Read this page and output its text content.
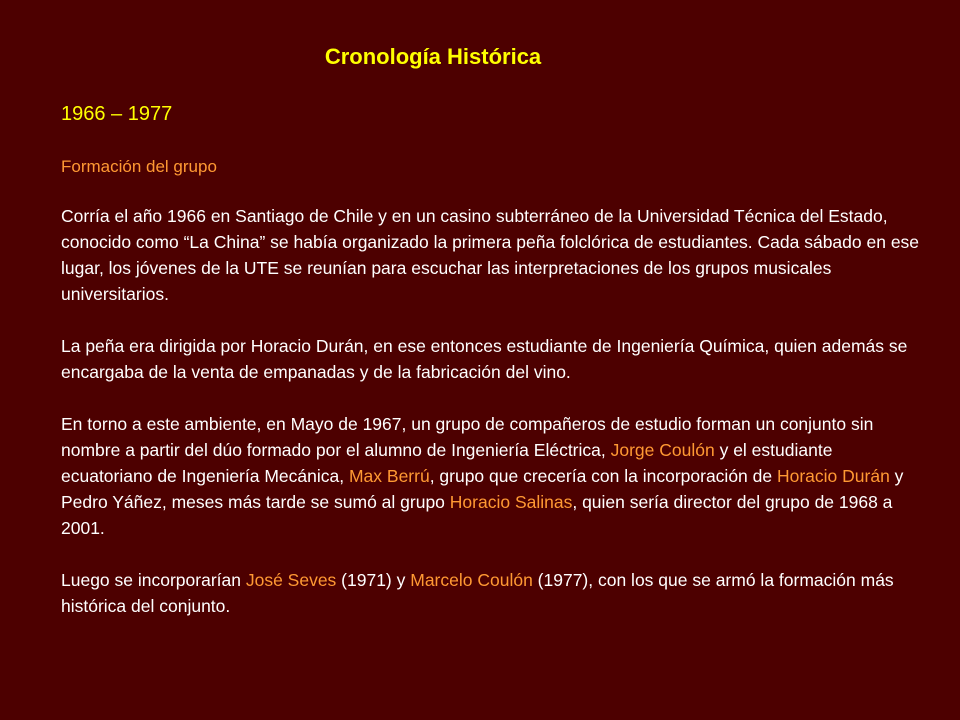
Cronología Histórica
1966 – 1977
Formación del grupo

Corría el año 1966 en Santiago de Chile y en un casino subterráneo de la Universidad Técnica del Estado, conocido como “La China” se había organizado la primera peña folclórica de estudiantes. Cada sábado en ese lugar, los jóvenes de la UTE se reunían para escuchar las interpretaciones de los grupos musicales universitarios.

La peña era dirigida por Horacio Durán, en ese entonces estudiante de Ingeniería Química, quien además se encargaba de la venta de empanadas y de la fabricación del vino.

En torno a este ambiente, en Mayo de 1967, un grupo de compañeros de estudio forman un conjunto sin nombre a partir del dúo formado por el alumno de Ingeniería Eléctrica, Jorge Coulón y el estudiante ecuatoriano de Ingeniería Mecánica, Max Berrú, grupo que crecería con la incorporación de Horacio Durán y Pedro Yáñez, meses más tarde se sumó al grupo Horacio Salinas, quien sería director del grupo de 1968 a 2001.

Luego se incorporarían José Seves (1971) y Marcelo Coulón (1977), con los que se armó la formación más histórica del conjunto.
